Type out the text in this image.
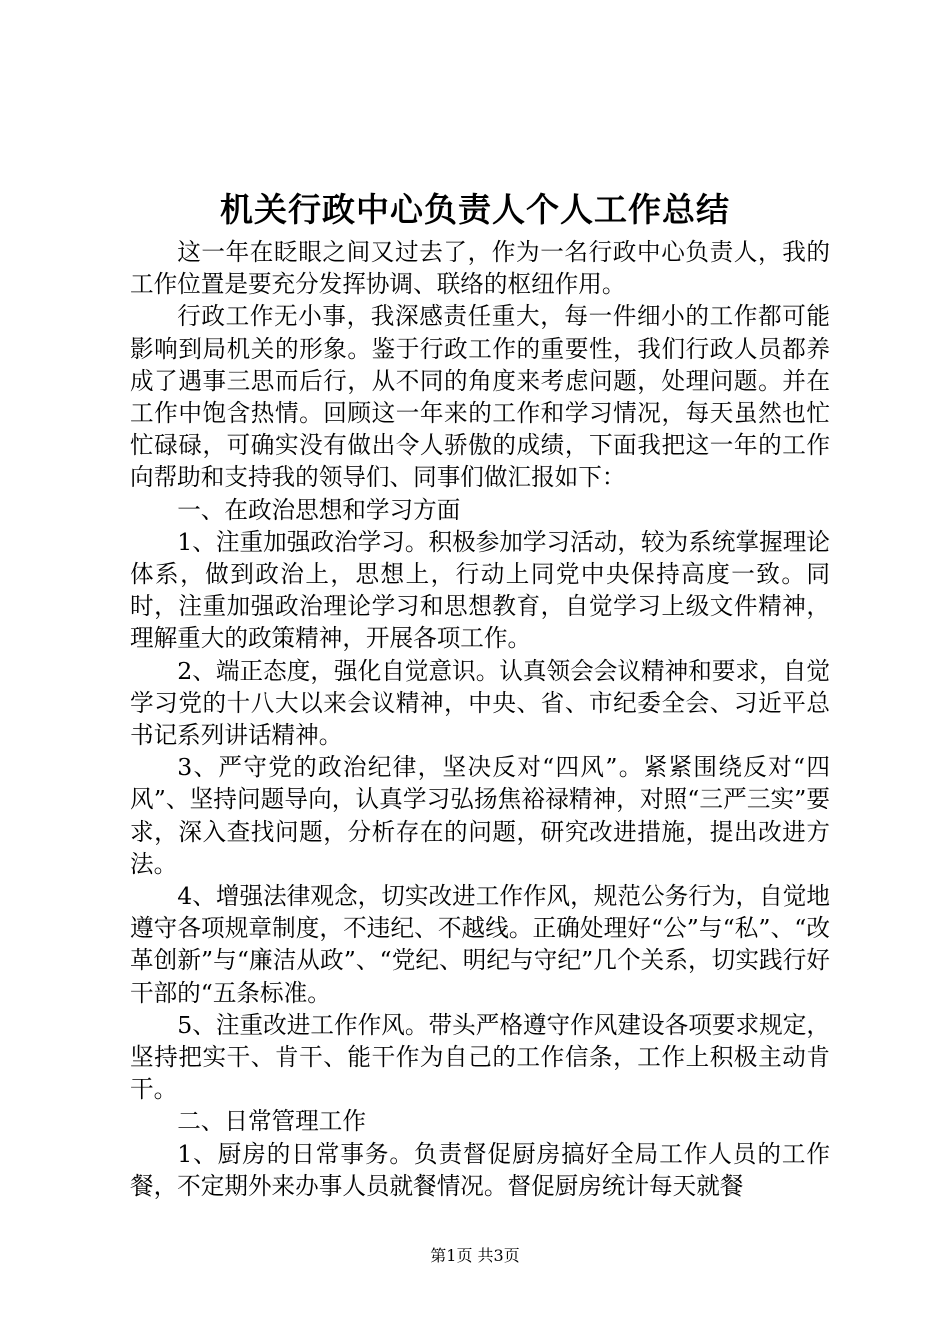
机关行政中心负责人个人工作总结

这一年在眨眼之间又过去了，作为一名行政中心负责人，我的工作位置是要充分发挥协调、联络的枢纽作用。

行政工作无小事，我深感责任重大，每一件细小的工作都可能影响到局机关的形象。鉴于行政工作的重要性，我们行政人员都养成了遇事三思而后行，从不同的角度来考虑问题，处理问题。并在工作中饱含热情。回顾这一年来的工作和学习情况，每天虽然也忙忙碌碌，可确实没有做出令人骄傲的成绩，下面我把这一年的工作向帮助和支持我的领导们、同事们做汇报如下：

一、在政治思想和学习方面

1、注重加强政治学习。积极参加学习活动，较为系统掌握理论体系，做到政治上，思想上，行动上同党中央保持高度一致。同时，注重加强政治理论学习和思想教育，自觉学习上级文件精神，理解重大的政策精神，开展各项工作。

2、端正态度，强化自觉意识。认真领会会议精神和要求，自觉学习党的十八大以来会议精神，中央、省、市纪委全会、习近平总书记系列讲话精神。

3、严守党的政治纪律，坚决反对“四风”。紧紧围绕反对“四风”、坚持问题导向，认真学习弘扬焦裕禄精神，对照“三严三实”要求，深入查找问题，分析存在的问题，研究改进措施，提出改进方法。

4、增强法律观念，切实改进工作作风，规范公务行为，自觉地遵守各项规章制度，不违纪、不越线。正确处理好“公”与“私”、“改革创新”与“廉洁从政”、“党纪、明纪与守纪”几个关系，切实践行好干部的“五条标准。

5、注重改进工作作风。带头严格遵守作风建设各项要求规定，坚持把实干、肯干、能干作为自己的工作信条，工作上积极主动肯干。

二、日常管理工作

1、厨房的日常事务。负责督促厨房搞好全局工作人员的工作餐，不定期外来办事人员就餐情况。督促厨房统计每天就餐

第1页 共3页
